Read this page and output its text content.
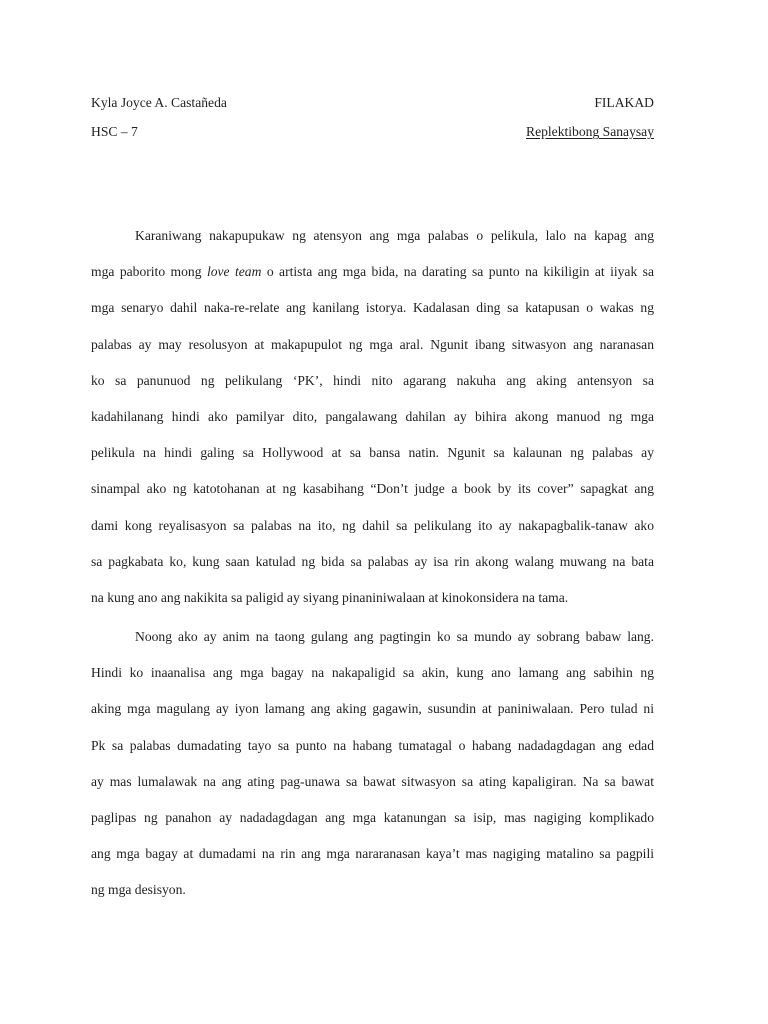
Kyla Joyce A. Castañeda	FILAKAD
HSC – 7	Replektibong Sanaysay
Karaniwang nakapupukaw ng atensyon ang mga palabas o pelikula, lalo na kapag ang
mga paborito mong love team o artista ang mga bida, na darating sa punto na kikiligin at iiyak sa
mga senaryo dahil naka-re-relate ang kanilang istorya. Kadalasan ding sa katapusan o wakas ng
palabas ay may resolusyon at makapupulot ng mga aral. Ngunit ibang sitwasyon ang naranasan
ko sa panunuod ng pelikulang ‘PK’, hindi nito agarang nakuha ang aking antensyon sa
kadahilanang hindi ako pamilyar dito, pangalawang dahilan ay bihira akong manuod ng mga
pelikula na hindi galing sa Hollywood at sa bansa natin. Ngunit sa kalaunan ng palabas ay
sinampal ako ng katotohanan at ng kasabihang “Don’t judge a book by its cover” sapagkat ang
dami kong reyalisasyon sa palabas na ito, ng dahil sa pelikulang ito ay nakapagbalik-tanaw ako
sa pagkabata ko, kung saan katulad ng bida sa palabas ay isa rin akong walang muwang na bata
na kung ano ang nakikita sa paligid ay siyang pinaniniwalaan at kinokonsidera na tama.
Noong ako ay anim na taong gulang ang pagtingin ko sa mundo ay sobrang babaw lang.
Hindi ko inaanalisa ang mga bagay na nakapaligid sa akin, kung ano lamang ang sabihin ng
aking mga magulang ay iyon lamang ang aking gagawin, susundin at paniniwalaan. Pero tulad ni
Pk sa palabas dumadating tayo sa punto na habang tumatagal o habang nadadagdagan ang edad
ay mas lumalawak na ang ating pag-unawa sa bawat sitwasyon sa ating kapaligiran. Na sa bawat
paglipas ng panahon ay nadadagdagan ang mga katanungan sa isip, mas nagiging komplikado
ang mga bagay at dumadami na rin ang mga nararanasan kaya’t mas nagiging matalino sa pagpili
ng mga desisyon.
